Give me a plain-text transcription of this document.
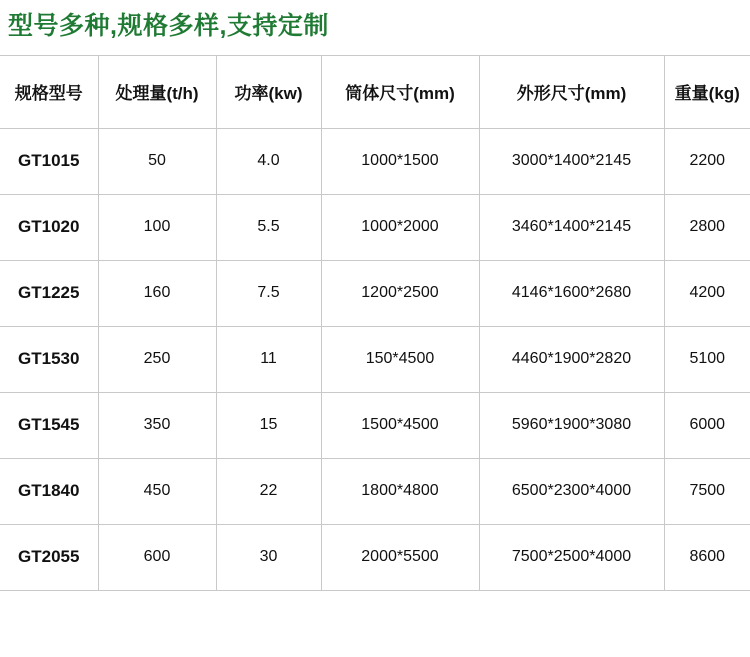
型号多种,规格多样,支持定制
规格型号	处理量(t/h)	功率(kw)	筒体尺寸(mm)	外形尺寸(mm)	重量(kg)
GT1015	50	4.0	1000*1500	3000*1400*2145	2200
GT1020	100	5.5	1000*2000	3460*1400*2145	2800
GT1225	160	7.5	1200*2500	4146*1600*2680	4200
GT1530	250	11	150*4500	4460*1900*2820	5100
GT1545	350	15	1500*4500	5960*1900*3080	6000
GT1840	450	22	1800*4800	6500*2300*4000	7500
GT2055	600	30	2000*5500	7500*2500*4000	8600
